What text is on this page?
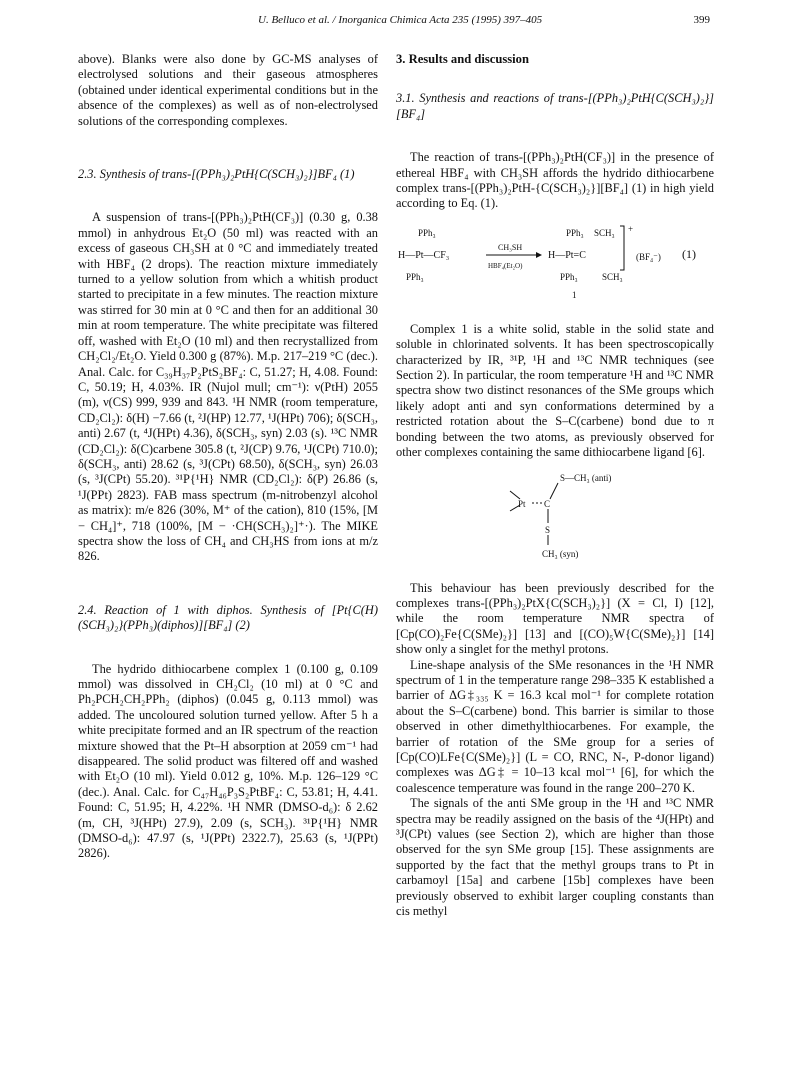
U. Belluco et al. / Inorganica Chimica Acta 235 (1995) 397–405	399

above). Blanks were also done by GC-MS analyses of electrolysed solutions and their gaseous atmospheres (obtained under identical experimental conditions but in the absence of the complexes) as well as of non-electrolysed solutions of the corresponding complexes.

2.3. Synthesis of trans-[(PPh₃)₂PtH{C(SCH₃)₂}]BF₄ (1)

A suspension of trans-[(PPh₃)₂PtH(CF₃)] (0.30 g, 0.38 mmol) in anhydrous Et₂O (50 ml) was reacted with an excess of gaseous CH₃SH at 0 °C and immediately treated with HBF₄ (2 drops). The reaction mixture immediately turned to a yellow solution from which a whitish product started to precipitate in a few minutes. The reaction mixture was stirred for 30 min at 0 °C and then for an additional 30 min at room temperature. The white precipitate was filtered off, washed with Et₂O (10 ml) and then recrystallized from CH₂Cl₂/Et₂O. Yield 0.300 g (87%). M.p. 217–219 °C (dec.). Anal. Calc. for C₃₉H₃₇P₂PtS₂BF₄: C, 51.27; H, 4.08. Found: C, 50.19; H, 4.03%. IR (Nujol mull; cm⁻¹): ν(PtH) 2055 (m), ν(CS) 999, 939 and 843. ¹H NMR (room temperature, CD₂Cl₂): δ(H) −7.66 (t, ²J(HP) 12.77, ¹J(HPt) 706); δ(SCH₃, anti) 2.67 (t, ⁴J(HPt) 4.36), δ(SCH₃, syn) 2.03 (s). ¹³C NMR (CD₂Cl₂): δ(C)carbene 305.8 (t, ²J(CP) 9.76, ¹J(CPt) 710.0); δ(SCH₃, anti) 28.62 (s, ³J(CPt) 68.50), δ(SCH₃, syn) 26.03 (s, ³J(CPt) 55.20). ³¹P{¹H} NMR (CD₂Cl₂): δ(P) 26.86 (s, ¹J(PPt) 2823). FAB mass spectrum (m-nitrobenzyl alcohol as matrix): m/e 826 (30%, M⁺ of the cation), 810 (15%, [M − CH₄]⁺, 718 (100%, [M − ·CH(SCH₃)₂]⁺·). The MIKE spectra show the loss of CH₄ and CH₃HS from ions at m/z 826.

2.4. Reaction of 1 with diphos. Synthesis of [Pt{C(H)(SCH₃)₂}(PPh₃)(diphos)][BF₄] (2)

The hydrido dithiocarbene complex 1 (0.100 g, 0.109 mmol) was dissolved in CH₂Cl₂ (10 ml) at 0 °C and Ph₂PCH₂CH₂PPh₂ (diphos) (0.045 g, 0.113 mmol) was added. The uncoloured solution turned yellow. After 5 h a white precipitate formed and an IR spectrum of the reaction mixture showed that the Pt–H absorption at 2059 cm⁻¹ had disappeared. The solid product was filtered off and washed with Et₂O (10 ml). Yield 0.012 g, 10%. M.p. 126–129 °C (dec.). Anal. Calc. for C₄₇H₄₆P₃S₂PtBF₄: C, 53.81; H, 4.41. Found: C, 51.95; H, 4.22%. ¹H NMR (DMSO-d₆): δ 2.62 (m, CH, ³J(HPt) 27.9), 2.09 (s, SCH₃). ³¹P{¹H} NMR (DMSO-d₆): 47.97 (s, ¹J(PPt) 2322.7), 25.63 (s, ¹J(PPt) 2826).

3. Results and discussion

3.1. Synthesis and reactions of trans-[(PPh₃)₂PtH{C(SCH₃)₂}][BF₄]

The reaction of trans-[(PPh₃)₂PtH(CF₃)] in the presence of ethereal HBF₄ with CH₃SH affords the hydrido dithiocarbene complex trans-[(PPh₃)₂PtH-{C(SCH₃)₂}][BF₄] (1) in high yield according to Eq. (1).

PPh₃
H—Pt—CF₃
PPh₃
CH₃SH
HBF₄(Et₂O)
PPh₃ SCH₃
H—Pt=C
PPh₃	SCH₃
+
(BF₄⁻) (1)
1

Complex 1 is a white solid, stable in the solid state and soluble in chlorinated solvents. It has been spectroscopically characterized by IR, ³¹P, ¹H and ¹³C NMR techniques (see Section 2). In particular, the room temperature ¹H and ¹³C NMR spectra show two distinct resonances of the SMe groups which likely adopt anti and syn conformations determined by a restricted rotation about the S–C(carbene) bond due to π bonding between the two atoms, as previously observed for other complexes containing the same dithiocarbene ligand [6].

S—CH₃ (anti)
Pt C
S
CH₃ (syn)

This behaviour has been previously described for the complexes trans-[(PPh₃)₂PtX{C(SCH₃)₂}] (X = Cl, I) [12], while the room temperature NMR spectra of [Cp(CO)₂Fe{C(SMe)₂}] [13] and [(CO)₅W{C(SMe)₂}] [14] show only a singlet for the methyl protons.

Line-shape analysis of the SMe resonances in the ¹H NMR spectrum of 1 in the temperature range 298–335 K established a barrier of ΔG‡₃₃₅ K = 16.3 kcal mol⁻¹ for complete rotation about the S–C(carbene) bond. This barrier is similar to those observed in other dimethylthiocarbenes. For example, the barrier of rotation of the SMe group for a series of [Cp(CO)LFe{C(SMe)₂}] (L = CO, RNC, N-, P-donor ligand) complexes was ΔG‡ = 10–13 kcal mol⁻¹ [6], for which the coalescence temperature was found in the range 200–270 K.

The signals of the anti SMe group in the ¹H and ¹³C NMR spectra may be readily assigned on the basis of the ⁴J(HPt) and ³J(CPt) values (see Section 2), which are higher than those observed for the syn SMe group [15]. These assignments are supported by the fact that the methyl groups trans to Pt in carbamoyl [15a] and carbene [15b] complexes have been previously observed to exhibit larger coupling constants than cis methyl
